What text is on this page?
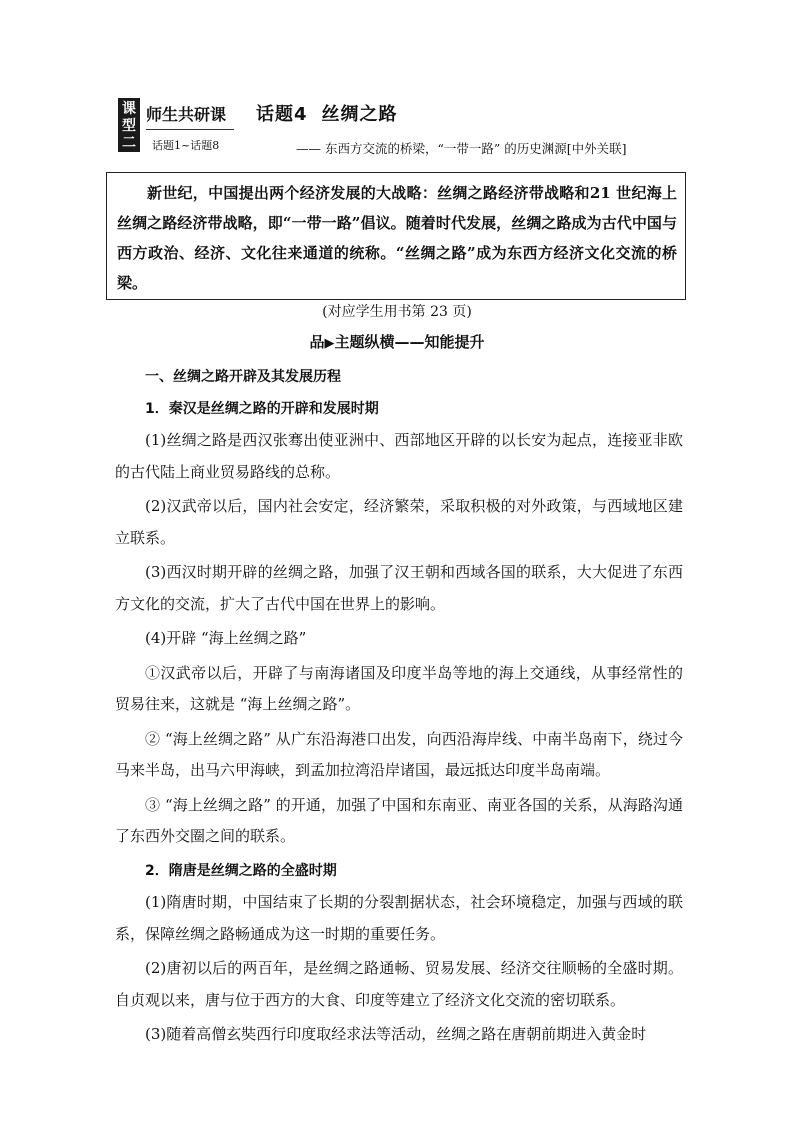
课
型
二
师生共研课
话题1~话题8
话题4 丝绸之路
—— 东西方交流的桥梁，“一带一路” 的历史渊源[中外关联]

新世纪，中国提出两个经济发展的大战略：丝绸之路经济带战略和21 世纪海上丝绸之路经济带战略，即“一带一路”倡议。随着时代发展，丝绸之路成为古代中国与西方政治、经济、文化往来通道的统称。“丝绸之路”成为东西方经济文化交流的桥梁。

(对应学生用书第 23 页)
品▶主题纵横——知能提升

一、丝绸之路开辟及其发展历程

1．秦汉是丝绸之路的开辟和发展时期

(1)丝绸之路是西汉张骞出使亚洲中、西部地区开辟的以长安为起点，连接亚非欧的古代陆上商业贸易路线的总称。

(2)汉武帝以后，国内社会安定，经济繁荣，采取积极的对外政策，与西域地区建立联系。

(3)西汉时期开辟的丝绸之路，加强了汉王朝和西域各国的联系，大大促进了东西方文化的交流，扩大了古代中国在世界上的影响。

(4)开辟 “海上丝绸之路”

①汉武帝以后，开辟了与南海诸国及印度半岛等地的海上交通线，从事经常性的贸易往来，这就是 “海上丝绸之路”。

② “海上丝绸之路” 从广东沿海港口出发，向西沿海岸线、中南半岛南下，绕过今马来半岛，出马六甲海峡，到孟加拉湾沿岸诸国，最远抵达印度半岛南端。

③ “海上丝绸之路” 的开通，加强了中国和东南亚、南亚各国的关系，从海路沟通了东西外交圈之间的联系。

2．隋唐是丝绸之路的全盛时期

(1)隋唐时期，中国结束了长期的分裂割据状态，社会环境稳定，加强与西域的联系，保障丝绸之路畅通成为这一时期的重要任务。

(2)唐初以后的两百年，是丝绸之路通畅、贸易发展、经济交往顺畅的全盛时期。自贞观以来，唐与位于西方的大食、印度等建立了经济文化交流的密切联系。

(3)随着高僧玄奘西行印度取经求法等活动，丝绸之路在唐朝前期进入黄金时
